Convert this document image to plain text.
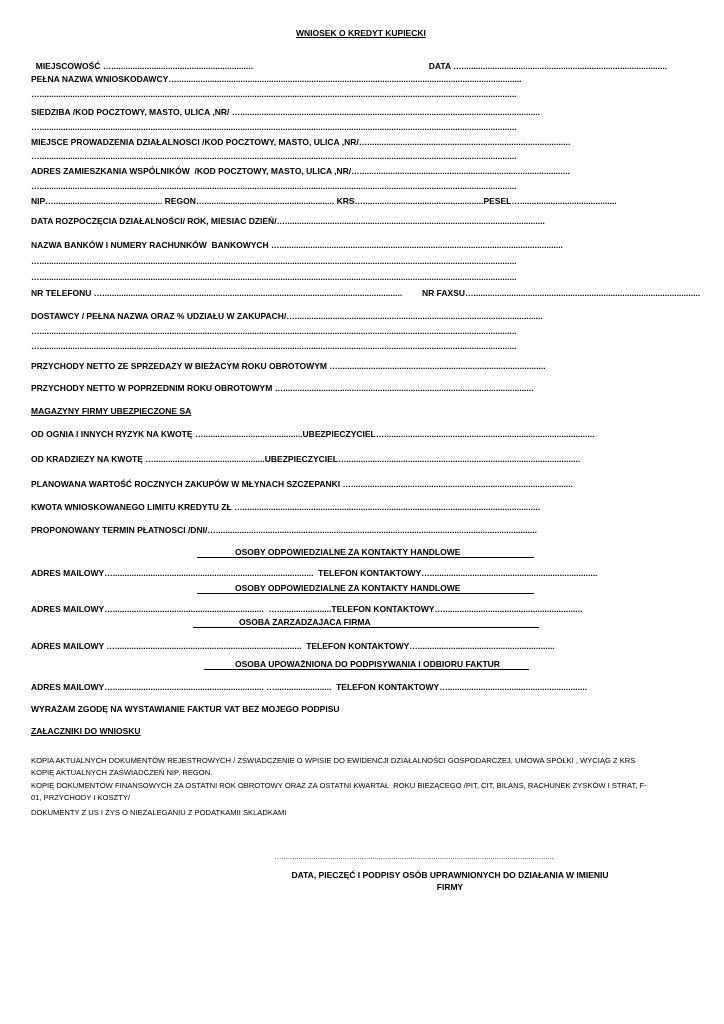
WNIOSEK O KREDYT KUPIECKI

MIEJSCOWOŚĆ …............................................................	DATA ….......................................................................................

PEŁNA NAZWA WNIOSKODAWCY…..................................................................................................................................................
…..........................................................................................................................................................................................................
SIEDZIBA /KOD POCZTOWY, MASTO, ULICA ,NR/ …...............................................................................................................................
…..........................................................................................................................................................................................................
MIEJSCE PROWADZENIA DZIAŁALNOSCI /KOD POCZTOWY, MASTO, ULICA ,NR/…......................................................................................
…..........................................................................................................................................................................................................
ADRES ZAMIESZKANIA WSPÓLNIKÓW  /KOD POCZTOWY, MASTO, ULICA ,NR/….........................................................................................
…..........................................................................................................................................................................................................
NIP….............................................. REGON…....................................................... KRS…...................................................PESEL….........................................
DATA ROZPOCZĘCIA DZIAŁALNOŚCI/ ROK, MIESIAC DZIEŃ/…..............................................................................................................
NAZWA BANKÓW I NUMERY RACHUNKÓW  BANKOWYCH …........................................................................................................................
…..........................................................................................................................................................................................................
…..........................................................................................................................................................................................................
NR TELEFONU …............................................................................................................................... NR FAXSU…................................................................................................
DOSTAWCY / PEŁNA NAZWA ORAZ % UDZIAŁU W ZAKUPACH/….........................................................................................................
…..........................................................................................................................................................................................................
…..........................................................................................................................................................................................................
PRZYCHODY NETTO ZE SPRZEDAZY W BIEŻACYM ROKU OBROTOWYM …........................................................................................
PRZYCHODY NETTO W POPRZEDNIM ROKU OBROTOWYM …..........................................................................................................
MAGAZYNY FIRMY UBEZPIECZONE SA
OD OGNIA I INNYCH RYZYK NA KWOTĘ …..........................................UBEZPIECZYCIEL….........................................................................................
OD KRADZIEZY NA KWOTĘ …...............................................UBEZPIECZYCIEL…...................................................................................................
PLANOWANA WARTOŚĆ ROCZNYCH ZAKUPÓW W MŁYNACH SZCZEPANKI …..............................................................................................
KWOTA WNIOSKOWANEGO LIMITU KREDYTU ZŁ …..............................................................................................................................
PROPONOWANY TERMIN PŁATNOSCI /DNI/…........................................................................................................................................
OSOBY ODPOWIEDZIALNE ZA KONTAKTY HANDLOWE
ADRES MAILOWY….....................................................................................  TELEFON KONTAKTOWY….......................................................................
OSOBY ODPOWIEDZIALNE ZA KONTAKTY HANDLOWE
ADRES MAILOWY…................................................................  ….......................TELEFON KONTAKTOWY…...........................................................
OSOBA ZARZADZAJACA FIRMA
ADRES MAILOWY …...............................................................................  TELEFON KONTAKTOWY…..........................................................
OSOBA UPOWAŻNIONA DO PODPISYWANIA I ODBIORU FAKTUR
ADRES MAILOWY…................................................................ …........................  TELEFON KONTAKTOWY…...........................................................
WYRAŻAM ZGODĘ NA WYSTAWIANIE FAKTUR VAT BEZ MOJEGO PODPISU
ZAŁACZNIKI DO WNIOSKU
KOPIA AKTUALNYCH DOKUMENTÓW REJESTROWYCH / ZŚWIADCZENIE O WPISIE DO EWIDENCJI DZIAŁALNOŚCI GOSPODARCZEJ, UMOWA SPÓŁKI , WYCIĄG Z KRS
KOPIĘ AKTUALNYCH ZAŚWIADCZEŃ NIP, REGON.
KOPIĘ DOKUMENTÓW FINANSOWYCH ZA OSTATNI ROK OBROTOWY ORAZ ZA OSTATNI KWARTAŁ  ROKU BIEŻĄCEGO /PIT, CIT, BILANS, RACHUNEK ZYSKÓW I STRAT, F-
01, PRZYCHODY I KOSZTY/
DOKUMENTY Z US I ZYS O NIEZALEGANIU Z PODATKAMII SKLADKAMI
….................................................................................................................................
DATA, PIECZĘĆ I PODPISY OSÓB UPRAWNIONYCH DO DZIAŁANIA W IMIENIU
FIRMY
